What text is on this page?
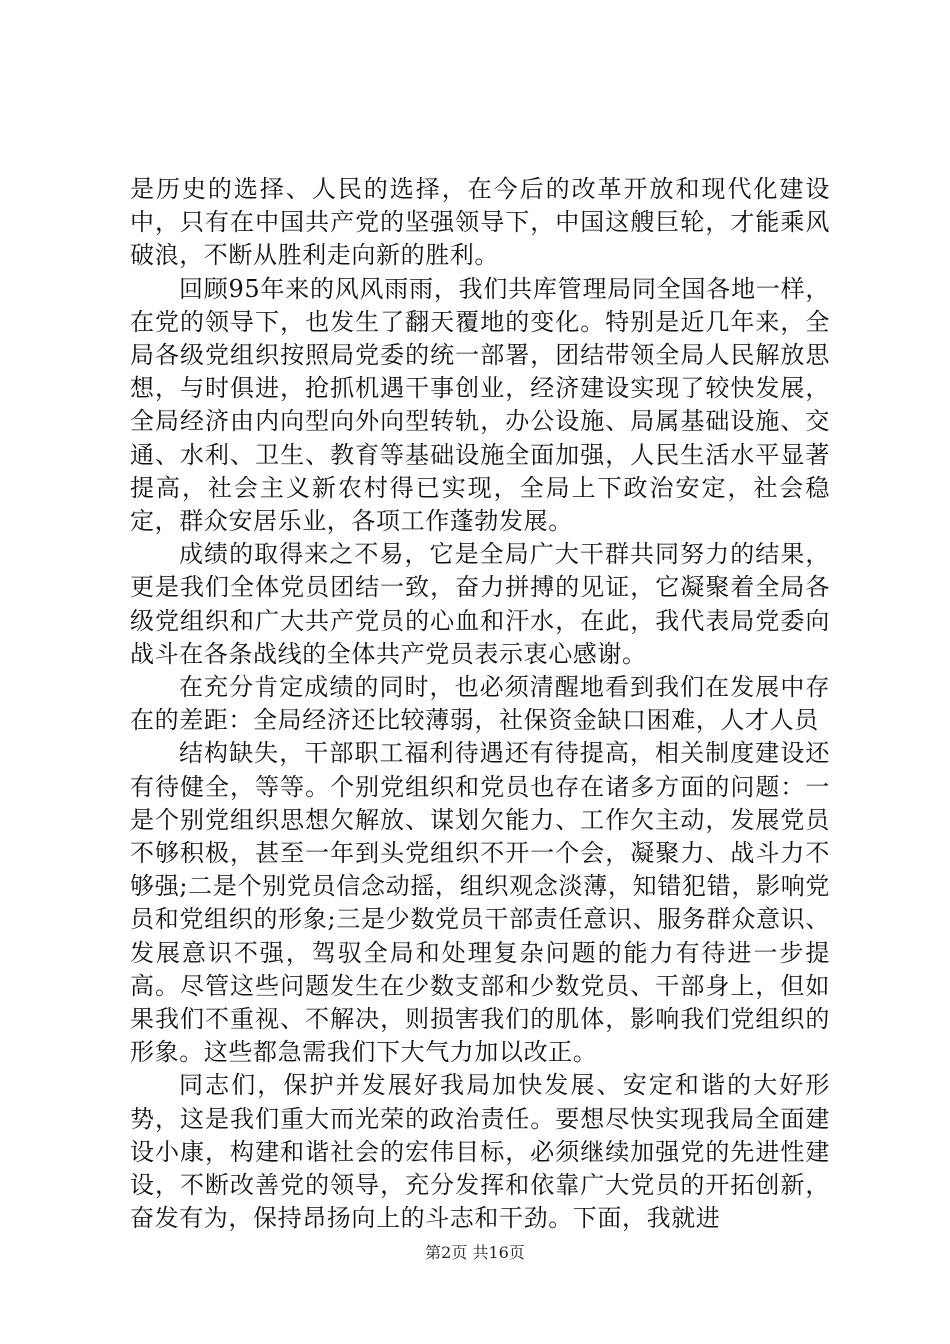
是历史的选择、人民的选择，在今后的改革开放和现代化建设中，只有在中国共产党的坚强领导下，中国这艘巨轮，才能乘风破浪，不断从胜利走向新的胜利。

回顾95年来的风风雨雨，我们共库管理局同全国各地一样，在党的领导下，也发生了翻天覆地的变化。特别是近几年来，全局各级党组织按照局党委的统一部署，团结带领全局人民解放思想，与时俱进，抢抓机遇干事创业，经济建设实现了较快发展，全局经济由内向型向外向型转轨，办公设施、局属基础设施、交通、水利、卫生、教育等基础设施全面加强，人民生活水平显著提高，社会主义新农村得已实现，全局上下政治安定，社会稳定，群众安居乐业，各项工作蓬勃发展。

成绩的取得来之不易，它是全局广大干群共同努力的结果，更是我们全体党员团结一致，奋力拼搏的见证，它凝聚着全局各级党组织和广大共产党员的心血和汗水，在此，我代表局党委向战斗在各条战线的全体共产党员表示衷心感谢。

在充分肯定成绩的同时，也必须清醒地看到我们在发展中存在的差距：全局经济还比较薄弱，社保资金缺口困难，人才人员

结构缺失，干部职工福利待遇还有待提高，相关制度建设还有待健全，等等。个别党组织和党员也存在诸多方面的问题：一是个别党组织思想欠解放、谋划欠能力、工作欠主动，发展党员不够积极，甚至一年到头党组织不开一个会，凝聚力、战斗力不够强;二是个别党员信念动摇，组织观念淡薄，知错犯错，影响党员和党组织的形象;三是少数党员干部责任意识、服务群众意识、发展意识不强，驾驭全局和处理复杂问题的能力有待进一步提高。尽管这些问题发生在少数支部和少数党员、干部身上，但如果我们不重视、不解决，则损害我们的肌体，影响我们党组织的形象。这些都急需我们下大气力加以改正。

同志们，保护并发展好我局加快发展、安定和谐的大好形势，这是我们重大而光荣的政治责任。要想尽快实现我局全面建设小康，构建和谐社会的宏伟目标，必须继续加强党的先进性建设，不断改善党的领导，充分发挥和依靠广大党员的开拓创新，奋发有为，保持昂扬向上的斗志和干劲。下面，我就进

第2页 共16页
